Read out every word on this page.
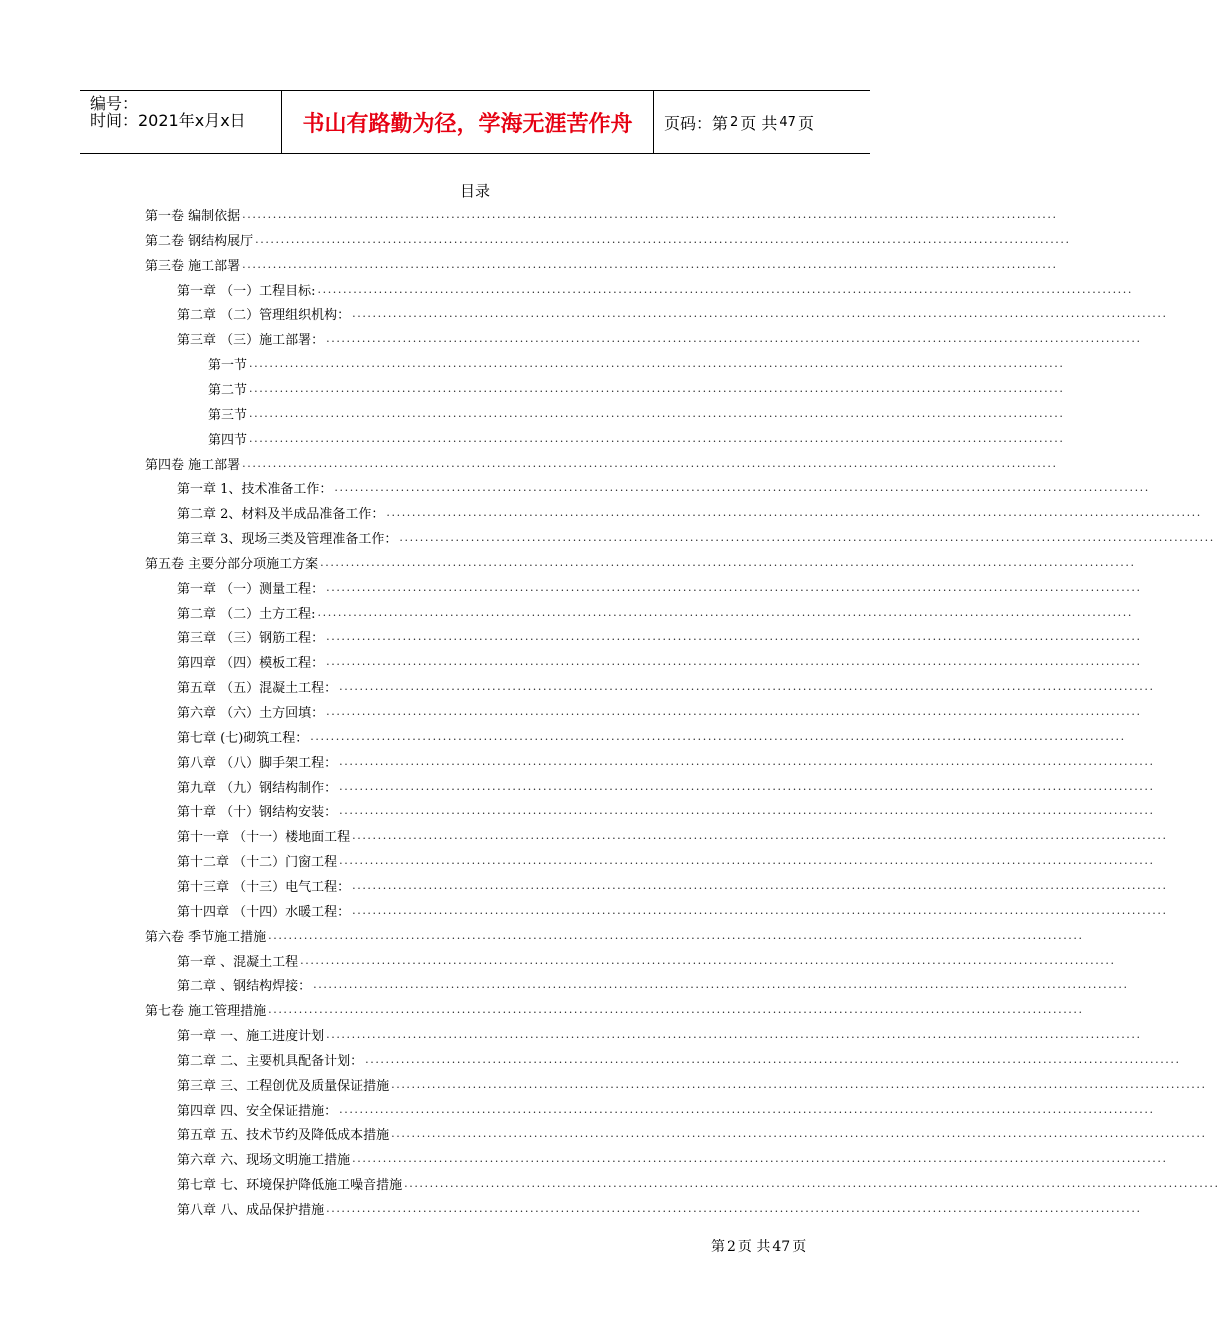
编号：
时间：2021年x月x日	书山有路勤为径，学海无涯苦作舟	页码：第 2 页 共 47 页
目录
第一卷 编制依据 ................................................................................................................................................................
第二卷 钢结构展厅 ................................................................................................................................................................
第三卷 施工部署 ................................................................................................................................................................
第一章 （一）工程目标: ................................................................................................................................................................
第二章 （二）管理组织机构： ................................................................................................................................................................
第三章 （三）施工部署： ................................................................................................................................................................
第一节 ................................................................................................................................................................
第二节 ................................................................................................................................................................
第三节 ................................................................................................................................................................
第四节 ................................................................................................................................................................
第四卷 施工部署 ................................................................................................................................................................
第一章 1、技术准备工作： ................................................................................................................................................................
第二章 2、材料及半成品准备工作： ................................................................................................................................................................
第三章 3、现场三类及管理准备工作： ................................................................................................................................................................
第五卷 主要分部分项施工方案 ................................................................................................................................................................
第一章 （一）测量工程： ................................................................................................................................................................
第二章 （二）土方工程: ................................................................................................................................................................
第三章 （三）钢筋工程： ................................................................................................................................................................
第四章 （四）模板工程： ................................................................................................................................................................
第五章 （五）混凝土工程： ................................................................................................................................................................
第六章 （六）土方回填： ................................................................................................................................................................
第七章 (七)砌筑工程： ................................................................................................................................................................
第八章 （八）脚手架工程： ................................................................................................................................................................
第九章 （九）钢结构制作： ................................................................................................................................................................
第十章 （十）钢结构安装： ................................................................................................................................................................
第十一章 （十一）楼地面工程 ................................................................................................................................................................
第十二章 （十二）门窗工程 ................................................................................................................................................................
第十三章 （十三）电气工程： ................................................................................................................................................................
第十四章 （十四）水暖工程： ................................................................................................................................................................
第六卷 季节施工措施 ................................................................................................................................................................
第一章 、混凝土工程 ................................................................................................................................................................
第二章 、钢结构焊接： ................................................................................................................................................................
第七卷 施工管理措施 ................................................................................................................................................................
第一章 一、施工进度计划 ................................................................................................................................................................
第二章 二、主要机具配备计划： ................................................................................................................................................................
第三章 三、工程创优及质量保证措施 ................................................................................................................................................................
第四章 四、安全保证措施： ................................................................................................................................................................
第五章 五、技术节约及降低成本措施 ................................................................................................................................................................
第六章 六、现场文明施工措施 ................................................................................................................................................................
第七章 七、环境保护降低施工噪音措施 ................................................................................................................................................................
第八章 八、成品保护措施 ................................................................................................................................................................
第 2 页 共 47 页
